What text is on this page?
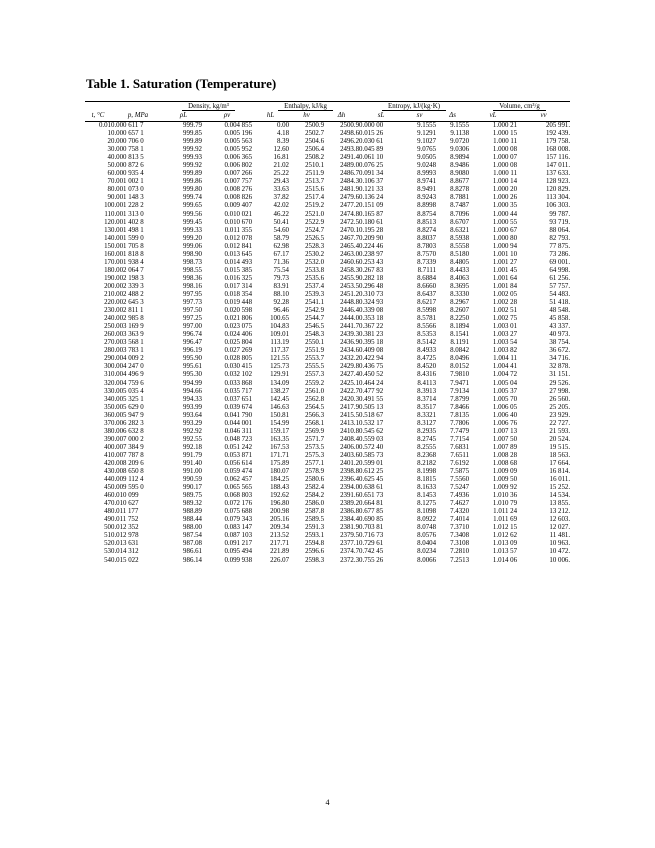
Table 1. Saturation (Temperature)
		Density, kg/m³		Enthalpy, kJ/kg			Entropy, kJ/(kg·K)			Volume, cm³/g	
t, °C	p, MPa	ρL	ρv	hL	hv	Δh	sL	sv	Δs	vL	vv
0.01	0.000 611 7	999.79	0.004 855	0.00	2500.9	2500.9	0.000 00	9.1555	9.1555	1.000 21	205 991.
1	0.000 657 1	999.85	0.005 196	4.18	2502.7	2498.6	0.015 26	9.1291	9.1138	1.000 15	192 439.
2	0.000 706 0	999.89	0.005 563	8.39	2504.6	2496.2	0.030 61	9.1027	9.0720	1.000 11	179 758.
3	0.000 758 1	999.92	0.005 952	12.60	2506.4	2493.8	0.045 89	9.0765	9.0306	1.000 08	168 008.
4	0.000 813 5	999.93	0.006 365	16.81	2508.2	2491.4	0.061 10	9.0505	8.9894	1.000 07	157 116.
5	0.000 872 6	999.92	0.006 802	21.02	2510.1	2489.0	0.076 25	9.0248	8.9486	1.000 08	147 011.
6	0.000 935 4	999.89	0.007 266	25.22	2511.9	2486.7	0.091 34	8.9993	8.9080	1.000 11	137 633.
7	0.001 002 1	999.86	0.007 757	29.43	2513.7	2484.3	0.106 37	8.9741	8.8677	1.000 14	128 923.
8	0.001 073 0	999.80	0.008 276	33.63	2515.6	2481.9	0.121 33	8.9491	8.8278	1.000 20	120 829.
9	0.001 148 3	999.74	0.008 826	37.82	2517.4	2479.6	0.136 24	8.9243	8.7881	1.000 26	113 304.
10	0.001 228 2	999.65	0.009 407	42.02	2519.2	2477.2	0.151 09	8.8998	8.7487	1.000 35	106 303.
11	0.001 313 0	999.56	0.010 021	46.22	2521.0	2474.8	0.165 87	8.8754	8.7096	1.000 44	99 787.
12	0.001 402 8	999.45	0.010 670	50.41	2522.9	2472.5	0.180 61	8.8513	8.6707	1.000 55	93 719.
13	0.001 498 1	999.33	0.011 355	54.60	2524.7	2470.1	0.195 28	8.8274	8.6321	1.000 67	88 064.
14	0.001 599 0	999.20	0.012 078	58.79	2526.5	2467.7	0.209 90	8.8037	8.5938	1.000 80	82 793.
15	0.001 705 8	999.06	0.012 841	62.98	2528.3	2465.4	0.224 46	8.7803	8.5558	1.000 94	77 875.
16	0.001 818 8	998.90	0.013 645	67.17	2530.2	2463.0	0.238 97	8.7570	8.5180	1.001 10	73 286.
17	0.001 938 4	998.73	0.014 493	71.36	2532.0	2460.6	0.253 43	8.7339	8.4805	1.001 27	69 001.
18	0.002 064 7	998.55	0.015 385	75.54	2533.8	2458.3	0.267 83	8.7111	8.4433	1.001 45	64 998.
19	0.002 198 3	998.36	0.016 325	79.73	2535.6	2455.9	0.282 18	8.6884	8.4063	1.001 64	61 256.
20	0.002 339 3	998.16	0.017 314	83.91	2537.4	2453.5	0.296 48	8.6660	8.3695	1.001 84	57 757.
21	0.002 488 2	997.95	0.018 354	88.10	2539.3	2451.2	0.310 73	8.6437	8.3330	1.002 05	54 483.
22	0.002 645 3	997.73	0.019 448	92.28	2541.1	2448.8	0.324 93	8.6217	8.2967	1.002 28	51 418.
23	0.002 811 1	997.50	0.020 598	96.46	2542.9	2446.4	0.339 08	8.5998	8.2607	1.002 51	48 548.
24	0.002 985 8	997.25	0.021 806	100.65	2544.7	2444.0	0.353 18	8.5781	8.2250	1.002 75	45 858.
25	0.003 169 9	997.00	0.023 075	104.83	2546.5	2441.7	0.367 22	8.5566	8.1894	1.003 01	43 337.
26	0.003 363 9	996.74	0.024 406	109.01	2548.3	2439.3	0.381 23	8.5353	8.1541	1.003 27	40 973.
27	0.003 568 1	996.47	0.025 804	113.19	2550.1	2436.9	0.395 18	8.5142	8.1191	1.003 54	38 754.
28	0.003 783 1	996.19	0.027 269	117.37	2551.9	2434.6	0.409 08	8.4933	8.0842	1.003 82	36 672.
29	0.004 009 2	995.90	0.028 805	121.55	2553.7	2432.2	0.422 94	8.4725	8.0496	1.004 11	34 716.
30	0.004 247 0	995.61	0.030 415	125.73	2555.5	2429.8	0.436 75	8.4520	8.0152	1.004 41	32 878.
31	0.004 496 9	995.30	0.032 102	129.91	2557.3	2427.4	0.450 52	8.4316	7.9810	1.004 72	31 151.
32	0.004 759 6	994.99	0.033 868	134.09	2559.2	2425.1	0.464 24	8.4113	7.9471	1.005 04	29 526.
33	0.005 035 4	994.66	0.035 717	138.27	2561.0	2422.7	0.477 92	8.3913	7.9134	1.005 37	27 998.
34	0.005 325 1	994.33	0.037 651	142.45	2562.8	2420.3	0.491 55	8.3714	7.8799	1.005 70	26 560.
35	0.005 629 0	993.99	0.039 674	146.63	2564.5	2417.9	0.505 13	8.3517	7.8466	1.006 05	25 205.
36	0.005 947 9	993.64	0.041 790	150.81	2566.3	2415.5	0.518 67	8.3321	7.8135	1.006 40	23 929.
37	0.006 282 3	993.29	0.044 001	154.99	2568.1	2413.1	0.532 17	8.3127	7.7806	1.006 76	22 727.
38	0.006 632 8	992.92	0.046 311	159.17	2569.9	2410.8	0.545 62	8.2935	7.7479	1.007 13	21 593.
39	0.007 000 2	992.55	0.048 723	163.35	2571.7	2408.4	0.559 03	8.2745	7.7154	1.007 50	20 524.
40	0.007 384 9	992.18	0.051 242	167.53	2573.5	2406.0	0.572 40	8.2555	7.6831	1.007 89	19 515.
41	0.007 787 8	991.79	0.053 871	171.71	2575.3	2403.6	0.585 73	8.2368	7.6511	1.008 28	18 563.
42	0.008 209 6	991.40	0.056 614	175.89	2577.1	2401.2	0.599 01	8.2182	7.6192	1.008 68	17 664.
43	0.008 650 8	991.00	0.059 474	180.07	2578.9	2398.8	0.612 25	8.1998	7.5875	1.009 09	16 814.
44	0.009 112 4	990.59	0.062 457	184.25	2580.6	2396.4	0.625 45	8.1815	7.5560	1.009 50	16 011.
45	0.009 595 0	990.17	0.065 565	188.43	2582.4	2394.0	0.638 61	8.1633	7.5247	1.009 92	15 252.
46	0.010 099	989.75	0.068 803	192.62	2584.2	2391.6	0.651 73	8.1453	7.4936	1.010 36	14 534.
47	0.010 627	989.32	0.072 176	196.80	2586.0	2389.2	0.664 81	8.1275	7.4627	1.010 79	13 855.
48	0.011 177	988.89	0.075 688	200.98	2587.8	2386.8	0.677 85	8.1098	7.4320	1.011 24	13 212.
49	0.011 752	988.44	0.079 343	205.16	2589.5	2384.4	0.690 85	8.0922	7.4014	1.011 69	12 603.
50	0.012 352	988.00	0.083 147	209.34	2591.3	2381.9	0.703 81	8.0748	7.3710	1.012 15	12 027.
51	0.012 978	987.54	0.087 103	213.52	2593.1	2379.5	0.716 73	8.0576	7.3408	1.012 62	11 481.
52	0.013 631	987.08	0.091 217	217.71	2594.8	2377.1	0.729 61	8.0404	7.3108	1.013 09	10 963.
53	0.014 312	986.61	0.095 494	221.89	2596.6	2374.7	0.742 45	8.0234	7.2810	1.013 57	10 472.
54	0.015 022	986.14	0.099 938	226.07	2598.3	2372.3	0.755 26	8.0066	7.2513	1.014 06	10 006.
4
